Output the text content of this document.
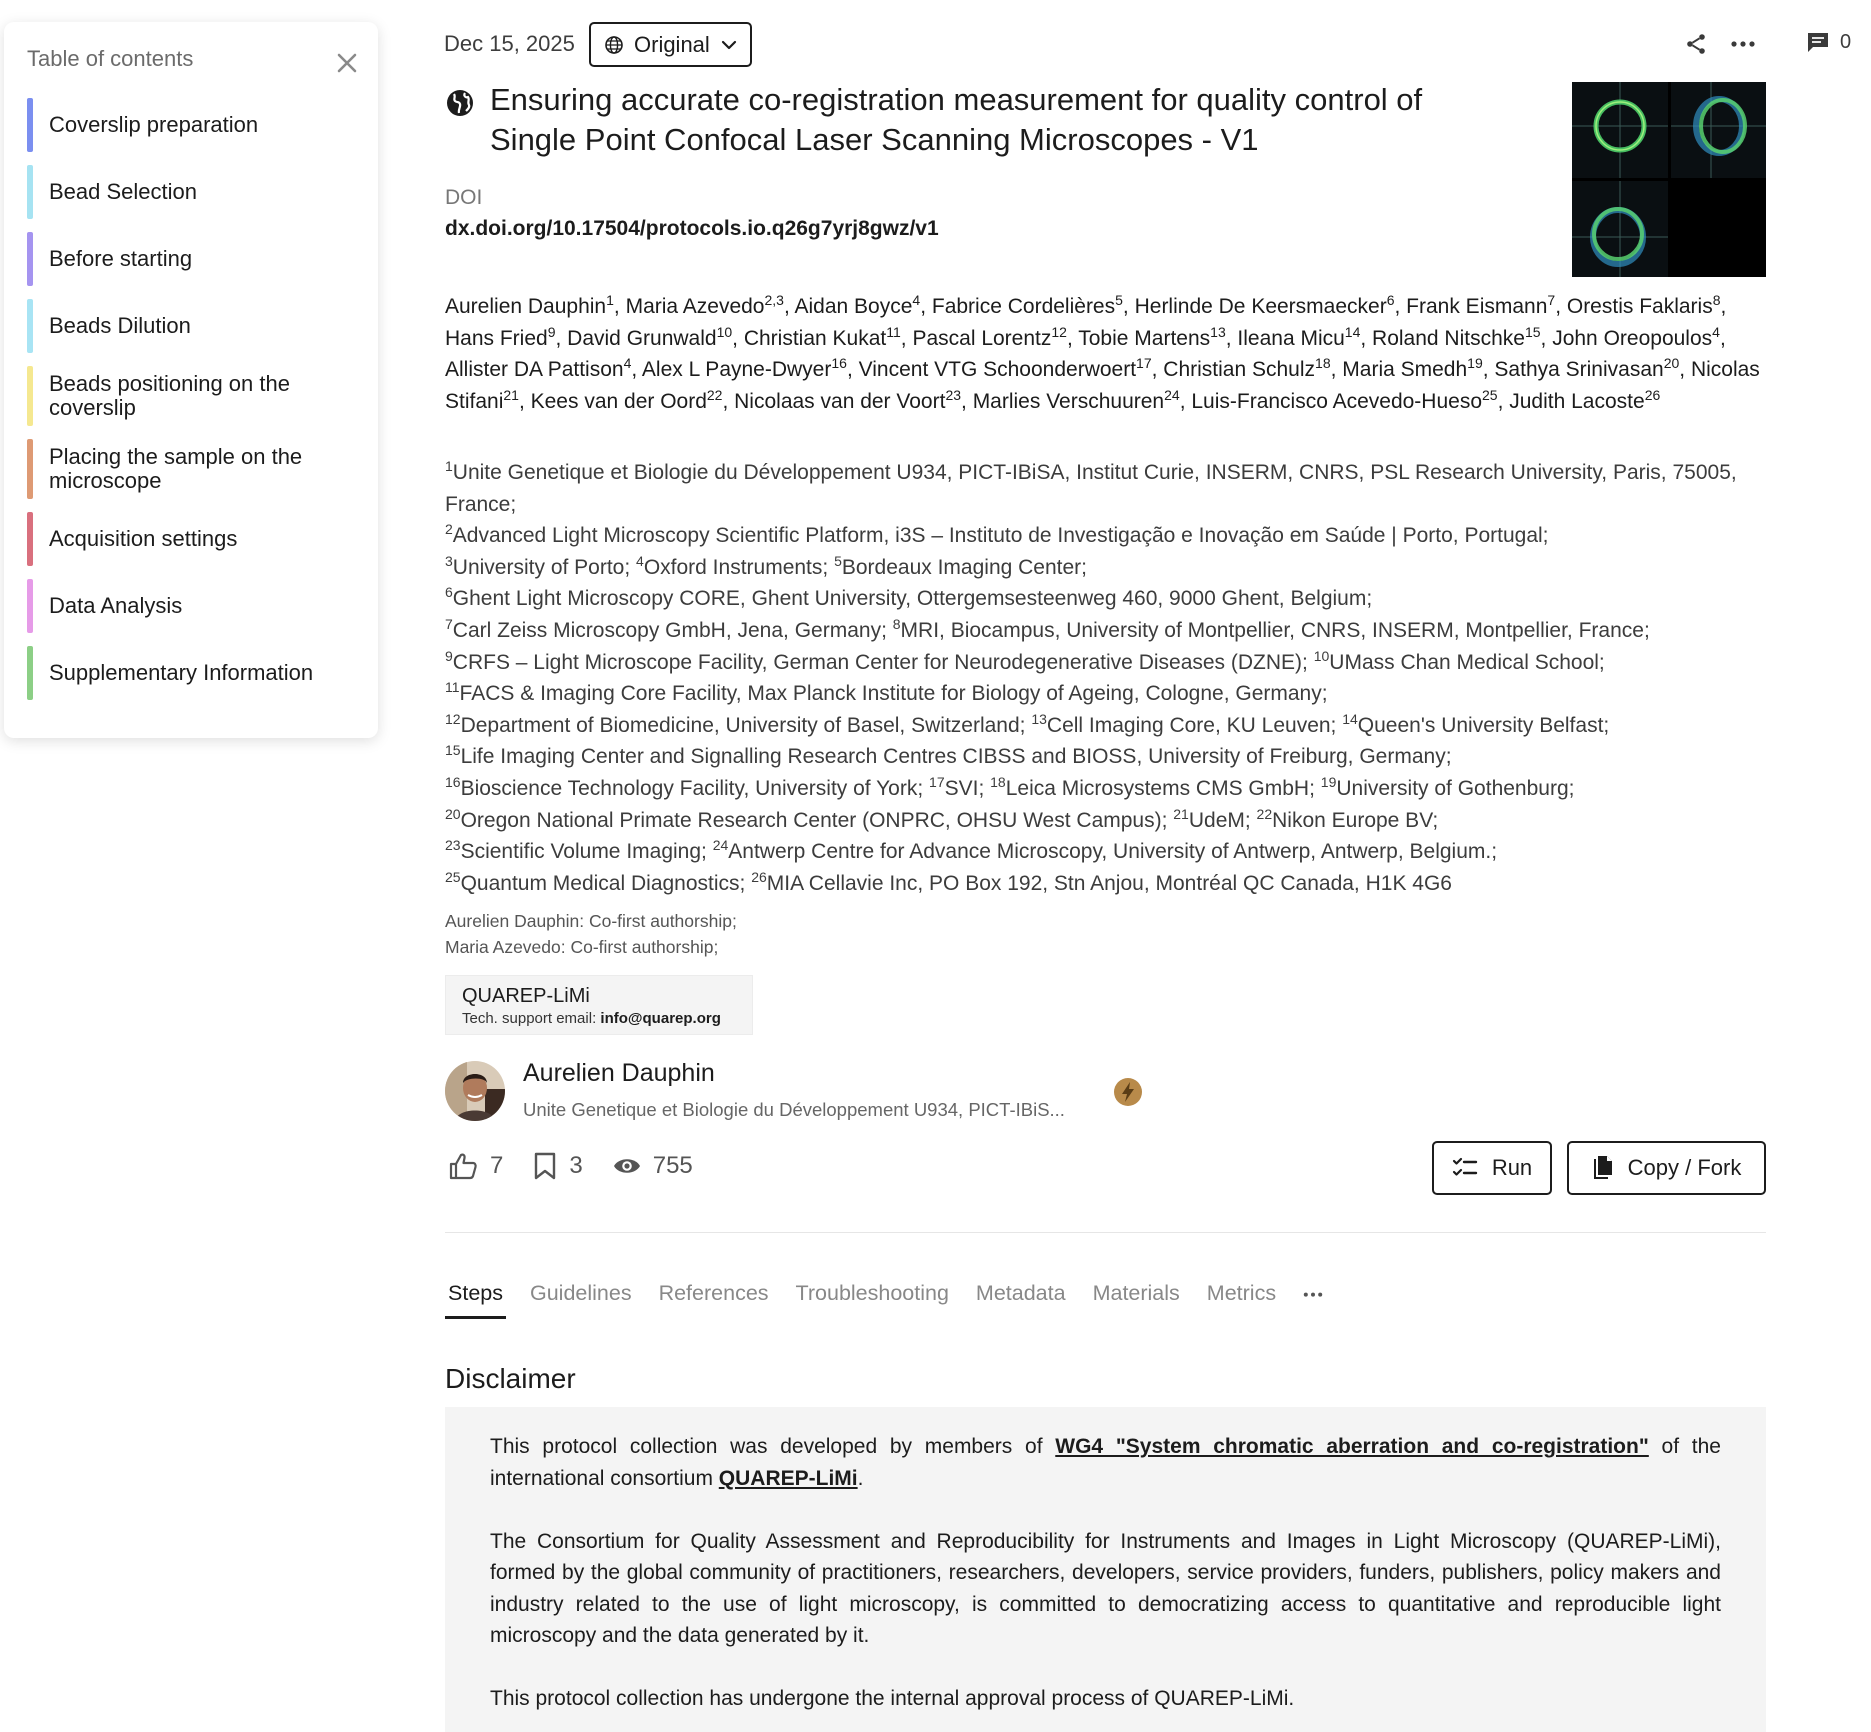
Table of contents
Coverslip preparation
Bead Selection
Before starting
Beads Dilution
Beads positioning on the coverslip
Placing the sample on the microscope
Acquisition settings
Data Analysis
Supplementary Information
Dec 15, 2025	Original	0
Ensuring accurate co-registration measurement for quality control of Single Point Confocal Laser Scanning Microscopes - V1
DOI
dx.doi.org/10.17504/protocols.io.q26g7yrj8gwz/v1
Aurelien Dauphin$^1$, Maria Azevedo$^{2,3}$, Aidan Boyce$^4$, Fabrice Cordelières$^5$, Herlinde De Keersmaecker$^6$, Frank Eismann$^7$, Orestis Faklaris$^8$, Hans Fried$^9$, David Grunwald$^{10}$, Christian Kukat$^{11}$, Pascal Lorentz$^{12}$, Tobie Martens$^{13}$, Ileana Micu$^{14}$, Roland Nitschke$^{15}$, John Oreopoulos$^4$, Allister DA Pattison$^4$, Alex L Payne-Dwyer$^{16}$, Vincent VTG Schoonderwoert$^{17}$, Christian Schulz$^{18}$, Maria Smedh$^{19}$, Sathya Srinivasan$^{20}$, Nicolas Stifani$^{21}$, Kees van der Oord$^{22}$, Nicolaas van der Voort$^{23}$, Marlies Verschuuren$^{24}$, Luis-Francisco Acevedo-Hueso$^{25}$, Judith Lacoste$^{26}$
$^1$Unite Genetique et Biologie du Développement U934, PICT-IBiSA, Institut Curie, INSERM, CNRS, PSL Research University, Paris, 75005, France;
$^2$Advanced Light Microscopy Scientific Platform, i3S – Instituto de Investigação e Inovação em Saúde | Porto, Portugal;
$^3$University of Porto; $^4$Oxford Instruments; $^5$Bordeaux Imaging Center;
$^6$Ghent Light Microscopy CORE, Ghent University, Ottergemsesteenweg 460, 9000 Ghent, Belgium;
$^7$Carl Zeiss Microscopy GmbH, Jena, Germany; $^8$MRI, Biocampus, University of Montpellier, CNRS, INSERM, Montpellier, France;
$^9$CRFS – Light Microscope Facility, German Center for Neurodegenerative Diseases (DZNE); $^{10}$UMass Chan Medical School;
$^{11}$FACS & Imaging Core Facility, Max Planck Institute for Biology of Ageing, Cologne, Germany;
$^{12}$Department of Biomedicine, University of Basel, Switzerland; $^{13}$Cell Imaging Core, KU Leuven; $^{14}$Queen's University Belfast;
$^{15}$Life Imaging Center and Signalling Research Centres CIBSS and BIOSS, University of Freiburg, Germany;
$^{16}$Bioscience Technology Facility, University of York; $^{17}$SVI; $^{18}$Leica Microsystems CMS GmbH; $^{19}$University of Gothenburg;
$^{20}$Oregon National Primate Research Center (ONPRC, OHSU West Campus); $^{21}$UdeM; $^{22}$Nikon Europe BV;
$^{23}$Scientific Volume Imaging; $^{24}$Antwerp Centre for Advance Microscopy, University of Antwerp, Antwerp, Belgium.;
$^{25}$Quantum Medical Diagnostics; $^{26}$MIA Cellavie Inc, PO Box 192, Stn Anjou, Montréal QC Canada, H1K 4G6
Aurelien Dauphin: Co-first authorship;
Maria Azevedo: Co-first authorship;
QUAREP-LiMi
Tech. support email: info@quarep.org
Aurelien Dauphin
Unite Genetique et Biologie du Développement U934, PICT-IBiS...
7	3	755	Run	Copy / Fork
Steps Guidelines References Troubleshooting Metadata Materials Metrics
Disclaimer

This protocol collection was developed by members of WG4 "System chromatic aberration and co-registration" of the international consortium QUAREP-LiMi.

The Consortium for Quality Assessment and Reproducibility for Instruments and Images in Light Microscopy (QUAREP-LiMi), formed by the global community of practitioners, researchers, developers, service providers, funders, publishers, policy makers and industry related to the use of light microscopy, is committed to democratizing access to quantitative and reproducible light microscopy and the data generated by it.

This protocol collection has undergone the internal approval process of QUAREP-LiMi.
